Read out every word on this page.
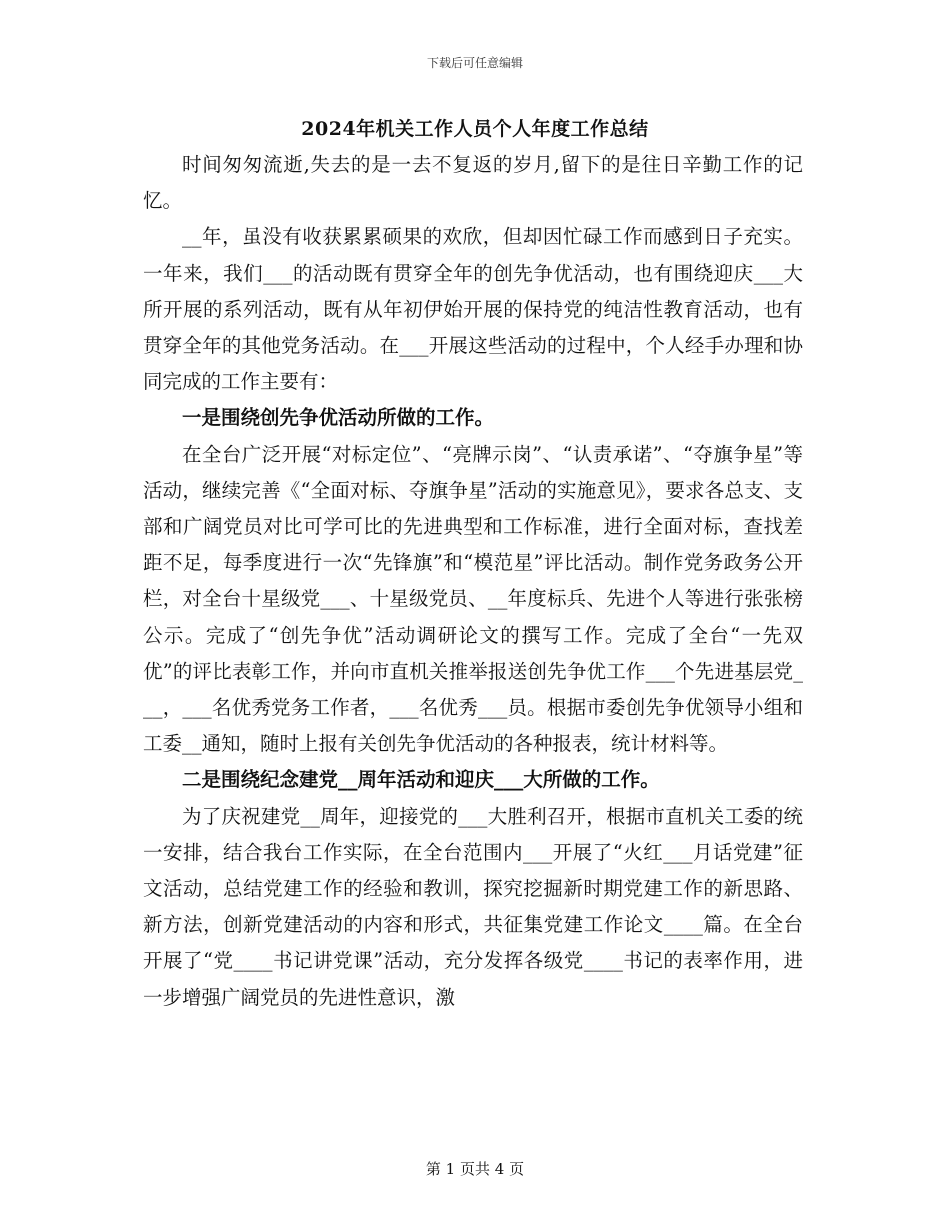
下载后可任意编辑
2024年机关工作人员个人年度工作总结

时间匆匆流逝,失去的是一去不复返的岁月,留下的是往日辛勤工作的记忆。

__年，虽没有收获累累硕果的欢欣，但却因忙碌工作而感到日子充实。一年来，我们___的活动既有贯穿全年的创先争优活动，也有围绕迎庆___大所开展的系列活动，既有从年初伊始开展的保持党的纯洁性教育活动，也有贯穿全年的其他党务活动。在___开展这些活动的过程中，个人经手办理和协同完成的工作主要有：

一是围绕创先争优活动所做的工作。

在全台广泛开展“对标定位”、“亮牌示岗”、“认责承诺”、“夺旗争星”等活动，继续完善《“全面对标、夺旗争星”活动的实施意见》，要求各总支、支部和广阔党员对比可学可比的先进典型和工作标准，进行全面对标，查找差距不足，每季度进行一次“先锋旗”和“模范星”评比活动。制作党务政务公开栏，对全台十星级党___、十星级党员、__年度标兵、先进个人等进行张张榜公示。完成了“创先争优”活动调研论文的撰写工作。完成了全台“一先双优”的评比表彰工作，并向市直机关推举报送创先争优工作___个先进基层党___，___名优秀党务工作者，___名优秀___员。根据市委创先争优领导小组和工委__通知，随时上报有关创先争优活动的各种报表，统计材料等。

二是围绕纪念建党__周年活动和迎庆___大所做的工作。

为了庆祝建党__周年，迎接党的___大胜利召开，根据市直机关工委的统一安排，结合我台工作实际，在全台范围内___开展了“火红___月话党建”征文活动，总结党建工作的经验和教训，探究挖掘新时期党建工作的新思路、新方法，创新党建活动的内容和形式，共征集党建工作论文____篇。在全台开展了“党____书记讲党课”活动，充分发挥各级党____书记的表率作用，进一步增强广阔党员的先进性意识，激

第 1 页共 4 页
